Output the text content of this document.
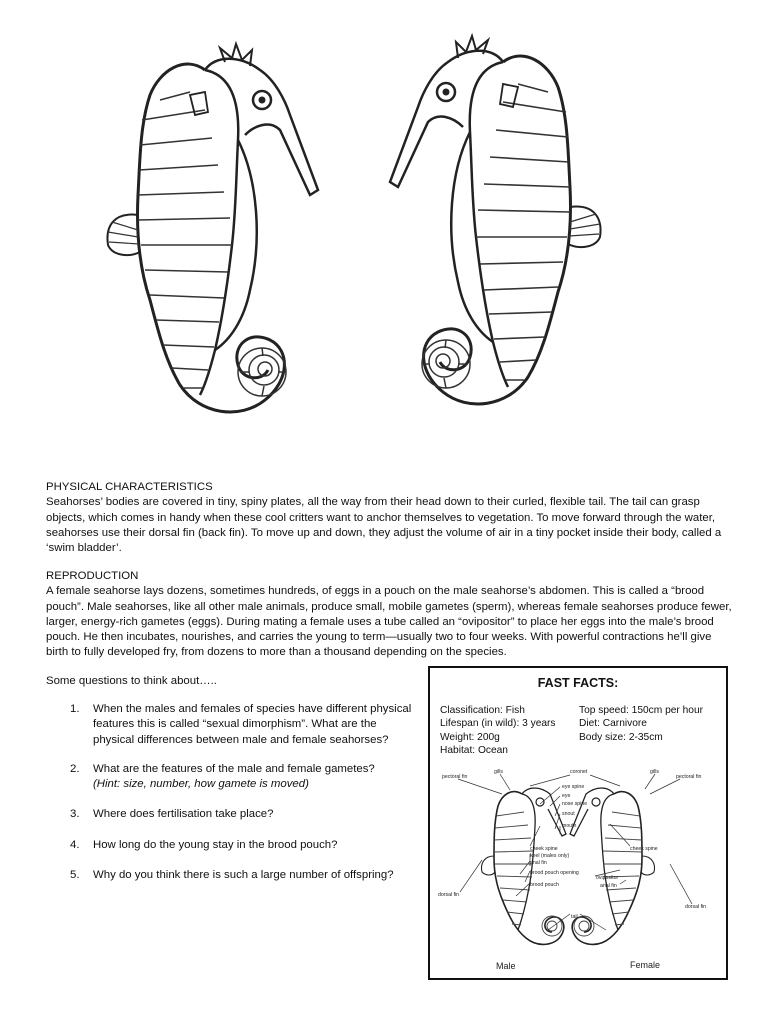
PHYSICAL CHARACTERISTICS
Seahorses’ bodies are covered in tiny, spiny plates, all the way from their head down to their curled, flexible tail. The tail can grasp objects, which comes in handy when these cool critters want to anchor themselves to vegetation. To move forward through the water, seahorses use their dorsal fin (back fin). To move up and down, they adjust the volume of air in a tiny pocket inside their body, called a ‘swim bladder’.
REPRODUCTION
A female seahorse lays dozens, sometimes hundreds, of eggs in a pouch on the male seahorse’s abdomen. This is called a “brood pouch”. Male seahorses, like all other male animals, produce small, mobile gametes (sperm), whereas female seahorses produce fewer, larger, energy-rich gametes (eggs). During mating a female uses a tube called an “ovipositor” to place her eggs into the male’s brood pouch. He then incubates, nourishes, and carries the young to term—usually two to four weeks. With powerful contractions he’ll give birth to fully developed fry, from dozens to more than a thousand depending on the species.
Some questions to think about…..
1. When the males and females of species have different physical features this is called “sexual dimorphism”. What are the physical differences between male and female seahorses?
2. What are the features of the male and female gametes?
(Hint: size, number, how gamete is moved)
3. Where does fertilisation take place?
4. How long do the young stay in the brood pouch?
5. Why do you think there is such a large number of offspring?
FAST FACTS:
Classification: Fish
Lifespan (in wild): 3 years
Weight: 200g
Habitat: Ocean
Top speed: 150cm per hour
Diet: Carnivore
Body size: 2-35cm
pectoral fin
gills	coronet	gills
pectoral fin
eye spine
eye
nose spine
snout
mouth
cheek spine	cheek spine
keel (males only)
anal fin
brood pouch opening
ovipositor
anal fin
brood pouch
dorsal fin
dorsal fin
tail
Male	Female
